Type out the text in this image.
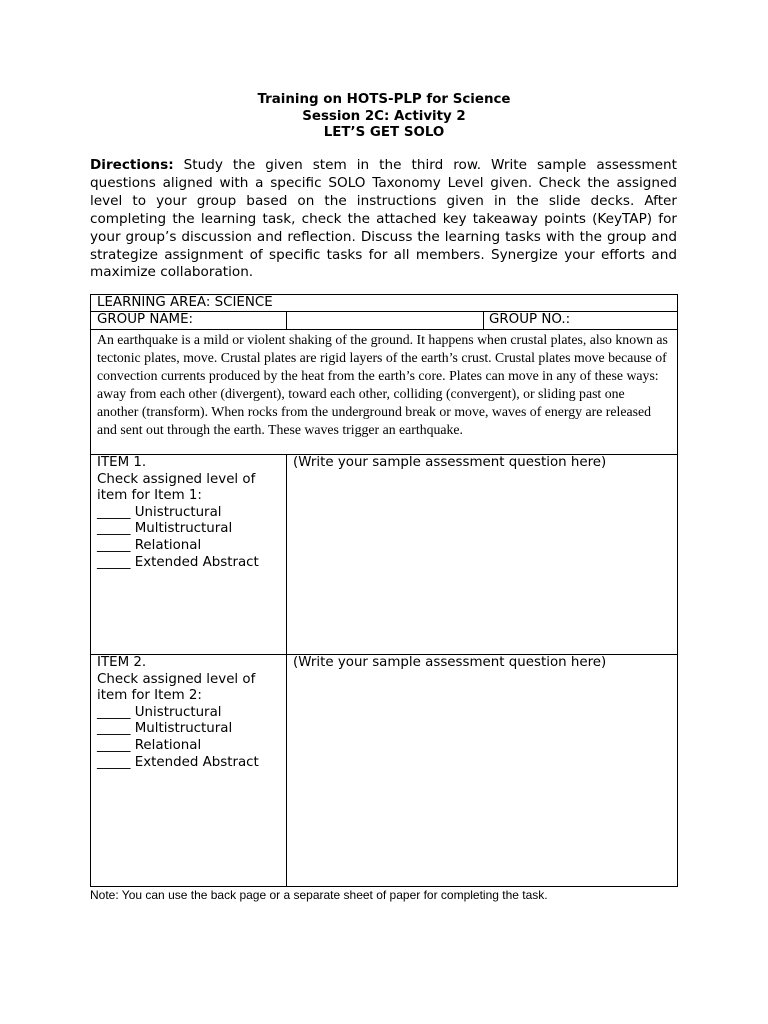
Training on HOTS-PLP for Science
Session 2C: Activity 2
LET’S GET SOLO
Directions: Study the given stem in the third row. Write sample assessment questions aligned with a specific SOLO Taxonomy Level given. Check the assigned level to your group based on the instructions given in the slide decks. After completing the learning task, check the attached key takeaway points (KeyTAP) for your group’s discussion and reflection. Discuss the learning tasks with the group and strategize assignment of specific tasks for all members. Synergize your efforts and maximize collaboration.
LEARNING AREA: SCIENCE
GROUP NAME:	GROUP NO.:
An earthquake is a mild or violent shaking of the ground. It happens when crustal plates, also known as tectonic plates, move. Crustal plates are rigid layers of the earth’s crust. Crustal plates move because of convection currents produced by the heat from the earth’s core. Plates can move in any of these ways: away from each other (divergent), toward each other, colliding (convergent), or sliding past one another (transform). When rocks from the underground break or move, waves of energy are released and sent out through the earth. These waves trigger an earthquake.
ITEM 1.
Check assigned level of
item for Item 1:
_____ Unistructural
_____ Multistructural
_____ Relational
_____ Extended Abstract
(Write your sample assessment question here)
ITEM 2.
Check assigned level of
item for Item 2:
_____ Unistructural
_____ Multistructural
_____ Relational
_____ Extended Abstract
(Write your sample assessment question here)
Note: You can use the back page or a separate sheet of paper for completing the task.
